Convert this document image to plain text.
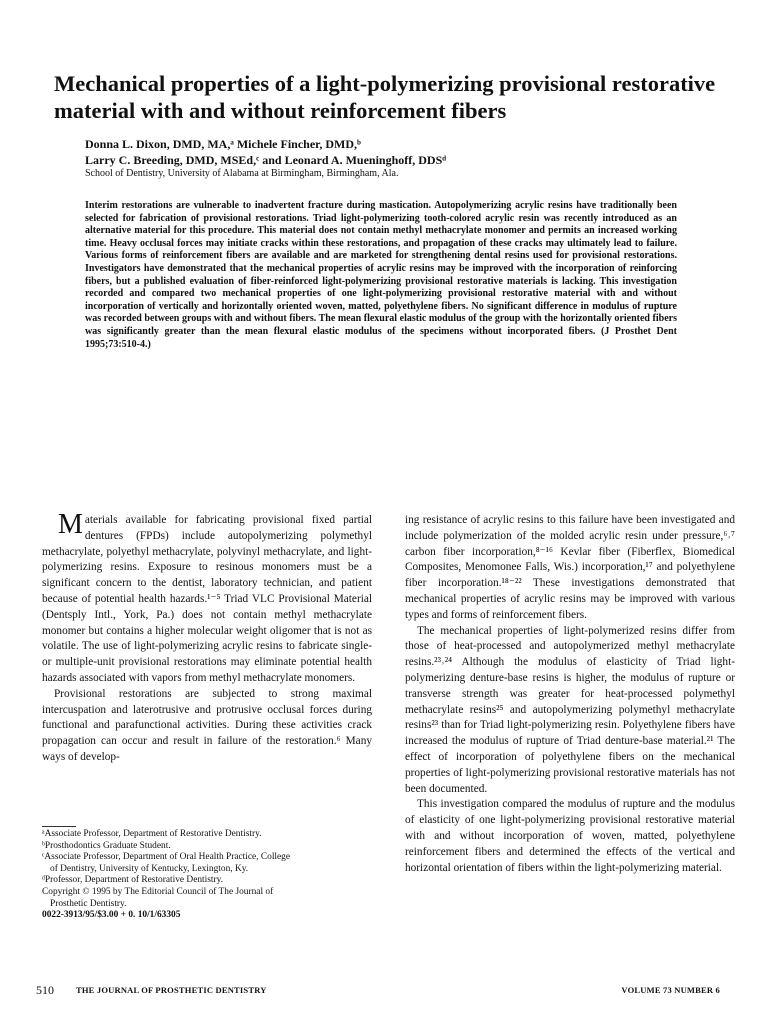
Mechanical properties of a light-polymerizing provisional restorative material with and without reinforcement fibers
Donna L. Dixon, DMD, MA,ᵃ Michele Fincher, DMD,ᵇ
Larry C. Breeding, DMD, MSEd,ᶜ and Leonard A. Mueninghoff, DDSᵈ
School of Dentistry, University of Alabama at Birmingham, Birmingham, Ala.

Interim restorations are vulnerable to inadvertent fracture during mastication. Autopolymerizing acrylic resins have traditionally been selected for fabrication of provisional restorations. Triad light-polymerizing tooth-colored acrylic resin was recently introduced as an alternative material for this procedure. This material does not contain methyl methacrylate monomer and permits an increased working time. Heavy occlusal forces may initiate cracks within these restorations, and propagation of these cracks may ultimately lead to failure. Various forms of reinforcement fibers are available and are marketed for strengthening dental resins used for provisional restorations. Investigators have demonstrated that the mechanical properties of acrylic resins may be improved with the incorporation of reinforcing fibers, but a published evaluation of fiber-reinforced light-polymerizing provisional restorative materials is lacking. This investigation recorded and compared two mechanical properties of one light-polymerizing provisional restorative material with and without incorporation of vertically and horizontally oriented woven, matted, polyethylene fibers. No significant difference in modulus of rupture was recorded between groups with and without fibers. The mean flexural elastic modulus of the group with the horizontally oriented fibers was significantly greater than the mean flexural elastic modulus of the specimens without incorporated fibers. (J Prosthet Dent 1995;73:510-4.)

Materials available for fabricating provisional fixed partial dentures (FPDs) include autopolymerizing polymethyl methacrylate, polyethyl methacrylate, polyvinyl methacrylate, and light-polymerizing resins. Exposure to resinous monomers must be a significant concern to the dentist, laboratory technician, and patient because of potential health hazards.¹⁻⁵ Triad VLC Provisional Material (Dentsply Intl., York, Pa.) does not contain methyl methacrylate monomer but contains a higher molecular weight oligomer that is not as volatile. The use of light-polymerizing acrylic resins to fabricate single- or multiple-unit provisional restorations may eliminate potential health hazards associated with vapors from methyl methacrylate monomers.

Provisional restorations are subjected to strong maximal intercuspation and laterotrusive and protrusive occlusal forces during functional and parafunctional activities. During these activities crack propagation can occur and result in failure of the restoration.⁶ Many ways of develop-

ing resistance of acrylic resins to this failure have been investigated and include polymerization of the molded acrylic resin under pressure,⁶˒⁷ carbon fiber incorporation,⁸⁻¹⁶ Kevlar fiber (Fiberflex, Biomedical Composites, Menomonee Falls, Wis.) incorporation,¹⁷ and polyethylene fiber incorporation.¹⁸⁻²² These investigations demonstrated that mechanical properties of acrylic resins may be improved with various types and forms of reinforcement fibers.

The mechanical properties of light-polymerized resins differ from those of heat-processed and autopolymerized methyl methacrylate resins.²³˒²⁴ Although the modulus of elasticity of Triad light-polymerizing denture-base resins is higher, the modulus of rupture or transverse strength was greater for heat-processed polymethyl methacrylate resins²⁵ and autopolymerizing polymethyl methacrylate resins²³ than for Triad light-polymerizing resin. Polyethylene fibers have increased the modulus of rupture of Triad denture-base material.²¹ The effect of incorporation of polyethylene fibers on the mechanical properties of light-polymerizing provisional restorative materials has not been documented.

This investigation compared the modulus of rupture and the modulus of elasticity of one light-polymerizing provisional restorative material with and without incorporation of woven, matted, polyethylene reinforcement fibers and determined the effects of the vertical and horizontal orientation of fibers within the light-polymerizing material.

ᵃAssociate Professor, Department of Restorative Dentistry.
ᵇProsthodontics Graduate Student.
ᶜAssociate Professor, Department of Oral Health Practice, College
of Dentistry, University of Kentucky, Lexington, Ky.
ᵈProfessor, Department of Restorative Dentistry.
Copyright © 1995 by The Editorial Council of The Journal of
Prosthetic Dentistry.
0022-3913/95/$3.00 + 0. 10/1/63305
510	THE JOURNAL OF PROSTHETIC DENTISTRY	VOLUME 73 NUMBER 6
